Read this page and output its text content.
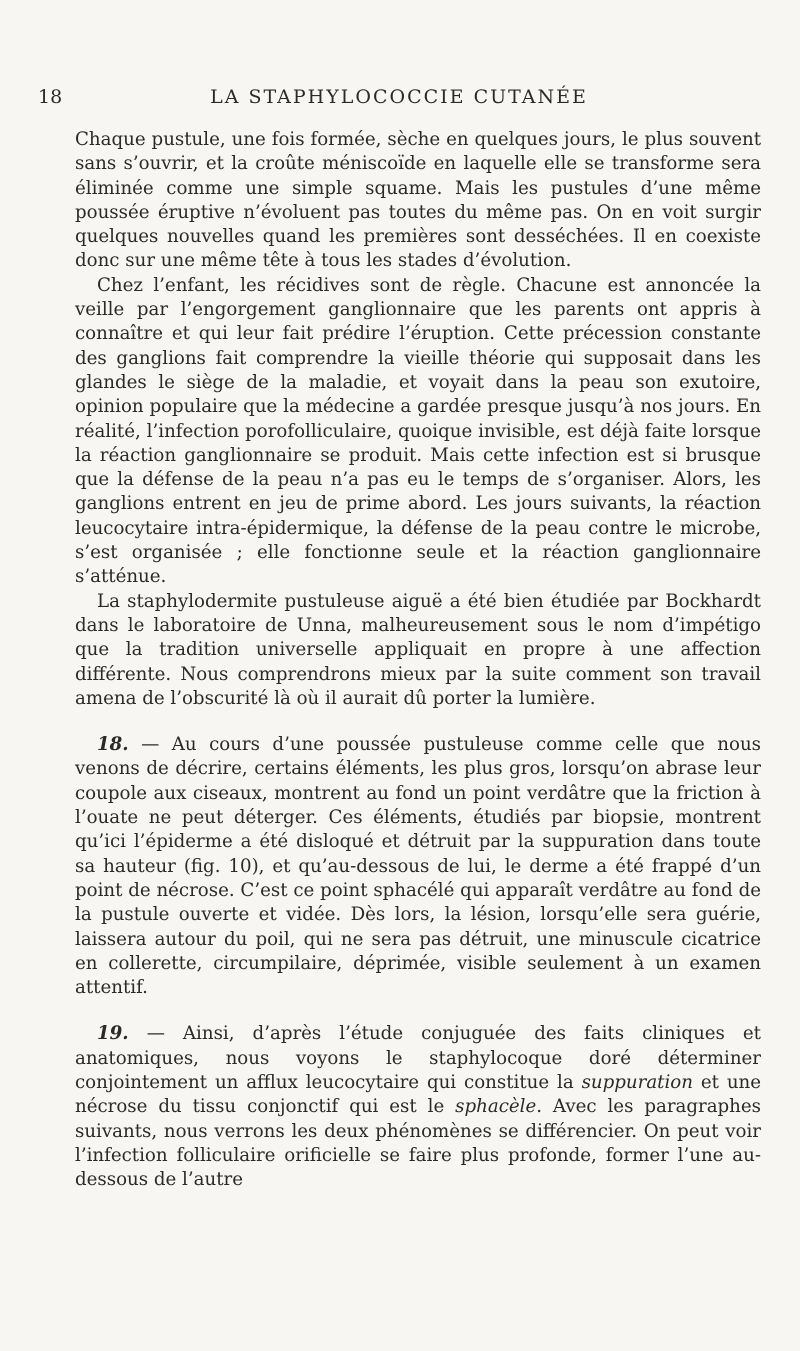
18	LA STAPHYLOCOCCIE CUTANÉE

Chaque pustule, une fois formée, sèche en quelques jours, le plus souvent sans s’ouvrir, et la croûte méniscoïde en laquelle elle se transforme sera éliminée comme une simple squame. Mais les pustules d’une même poussée éruptive n’évoluent pas toutes du même pas. On en voit surgir quelques nouvelles quand les premières sont desséchées. Il en coexiste donc sur une même tête à tous les stades d’évolution.

Chez l’enfant, les récidives sont de règle. Chacune est annoncée la veille par l’engorgement ganglionnaire que les parents ont appris à connaître et qui leur fait prédire l’éruption. Cette précession constante des ganglions fait comprendre la vieille théorie qui supposait dans les glandes le siège de la maladie, et voyait dans la peau son exutoire, opinion populaire que la médecine a gardée presque jusqu’à nos jours. En réalité, l’infection porofolliculaire, quoique invisible, est déjà faite lorsque la réaction ganglionnaire se produit. Mais cette infection est si brusque que la défense de la peau n’a pas eu le temps de s’organiser. Alors, les ganglions entrent en jeu de prime abord. Les jours suivants, la réaction leucocytaire intra-épidermique, la défense de la peau contre le microbe, s’est organisée ; elle fonctionne seule et la réaction ganglionnaire s’atténue.

La staphylodermite pustuleuse aiguë a été bien étudiée par Bockhardt dans le laboratoire de Unna, malheureusement sous le nom d’impétigo que la tradition universelle appliquait en propre à une affection différente. Nous comprendrons mieux par la suite comment son travail amena de l’obscurité là où il aurait dû porter la lumière.

18. — Au cours d’une poussée pustuleuse comme celle que nous venons de décrire, certains éléments, les plus gros, lorsqu’on abrase leur coupole aux ciseaux, montrent au fond un point verdâtre que la friction à l’ouate ne peut déterger. Ces éléments, étudiés par biopsie, montrent qu’ici l’épiderme a été disloqué et détruit par la suppuration dans toute sa hauteur (fig. 10), et qu’au-dessous de lui, le derme a été frappé d’un point de nécrose. C’est ce point sphacélé qui apparaît verdâtre au fond de la pustule ouverte et vidée. Dès lors, la lésion, lorsqu’elle sera guérie, laissera autour du poil, qui ne sera pas détruit, une minuscule cicatrice en collerette, circumpilaire, déprimée, visible seulement à un examen attentif.

19. — Ainsi, d’après l’étude conjuguée des faits cliniques et anatomiques, nous voyons le staphylocoque doré déterminer conjointement un afflux leucocytaire qui constitue la suppuration et une nécrose du tissu conjonctif qui est le sphacèle. Avec les paragraphes suivants, nous verrons les deux phénomènes se différencier. On peut voir l’infection folliculaire orificielle se faire plus profonde, former l’une au-dessous de l’autre
